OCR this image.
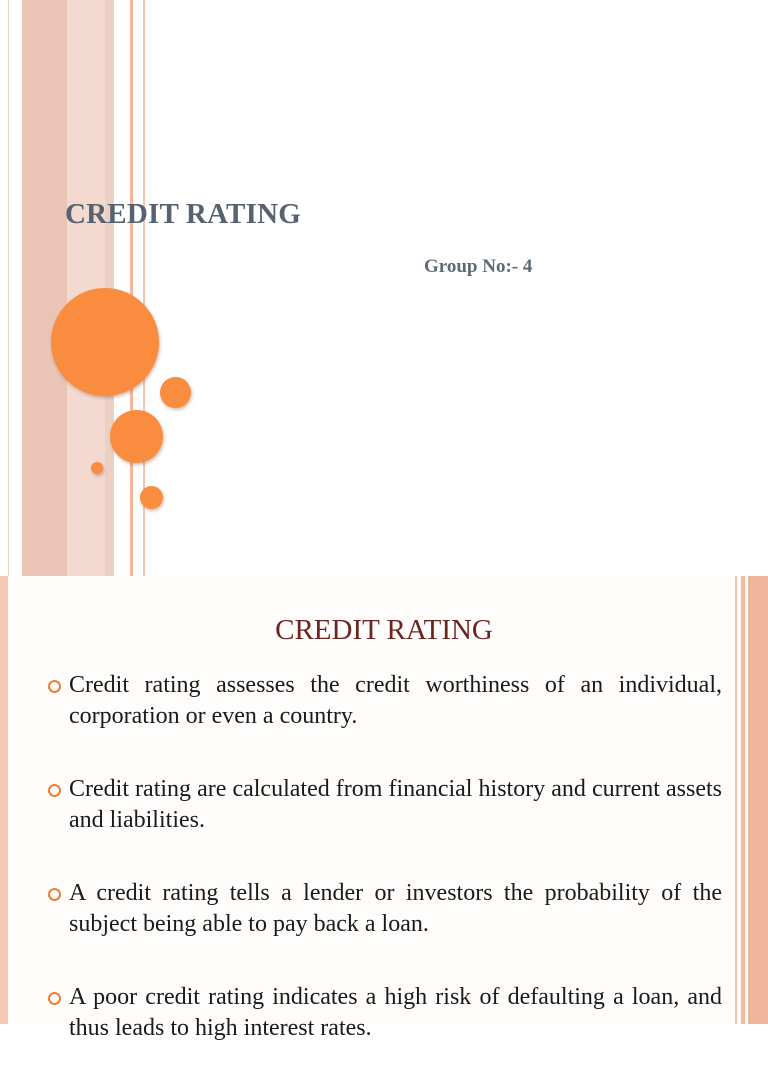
CREDIT RATING
Group No:- 4
CREDIT RATING
Credit rating assesses the credit worthiness of an individual, corporation or even a country.
Credit rating are calculated from financial history and current assets and liabilities.
A credit rating tells a lender or investors the probability of the subject being able to pay back a loan.
A poor credit rating indicates a high risk of defaulting a loan, and thus leads to high interest rates.
